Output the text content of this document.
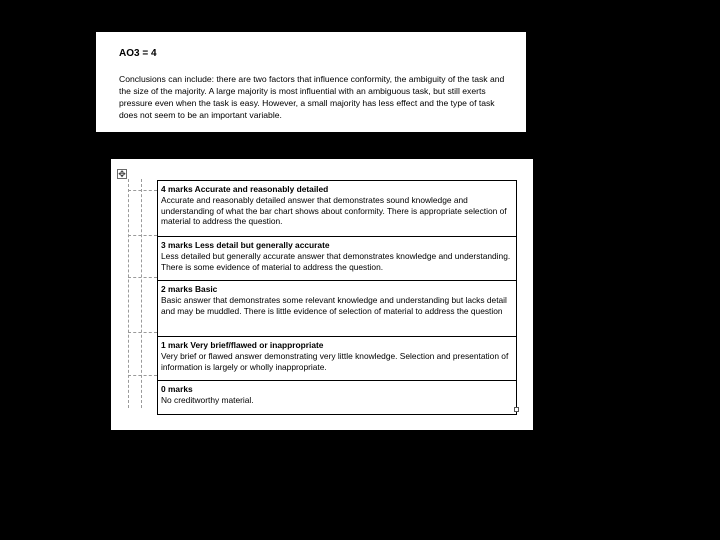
AO3 = 4

Conclusions can include: there are two factors that influence conformity, the ambiguity of the task and the size of the majority. A large majority is most influential with an ambiguous task, but still exerts pressure even when the task is easy. However, a small majority has less effect and the type of task does not seem to be an important variable.

✥
4 marks Accurate and reasonably detailed
Accurate and reasonably detailed answer that demonstrates sound knowledge and understanding of what the bar chart shows about conformity. There is appropriate selection of material to address the question.

3 marks Less detail but generally accurate
Less detailed but generally accurate answer that demonstrates knowledge and understanding. There is some evidence of material to address the question.

2 marks Basic
Basic answer that demonstrates some relevant knowledge and understanding but lacks detail and may be muddled. There is little evidence of selection of material to address the question

1 mark Very brief/flawed or inappropriate
Very brief or flawed answer demonstrating very little knowledge. Selection and presentation of information is largely or wholly inappropriate.

0 marks
No creditworthy material.
